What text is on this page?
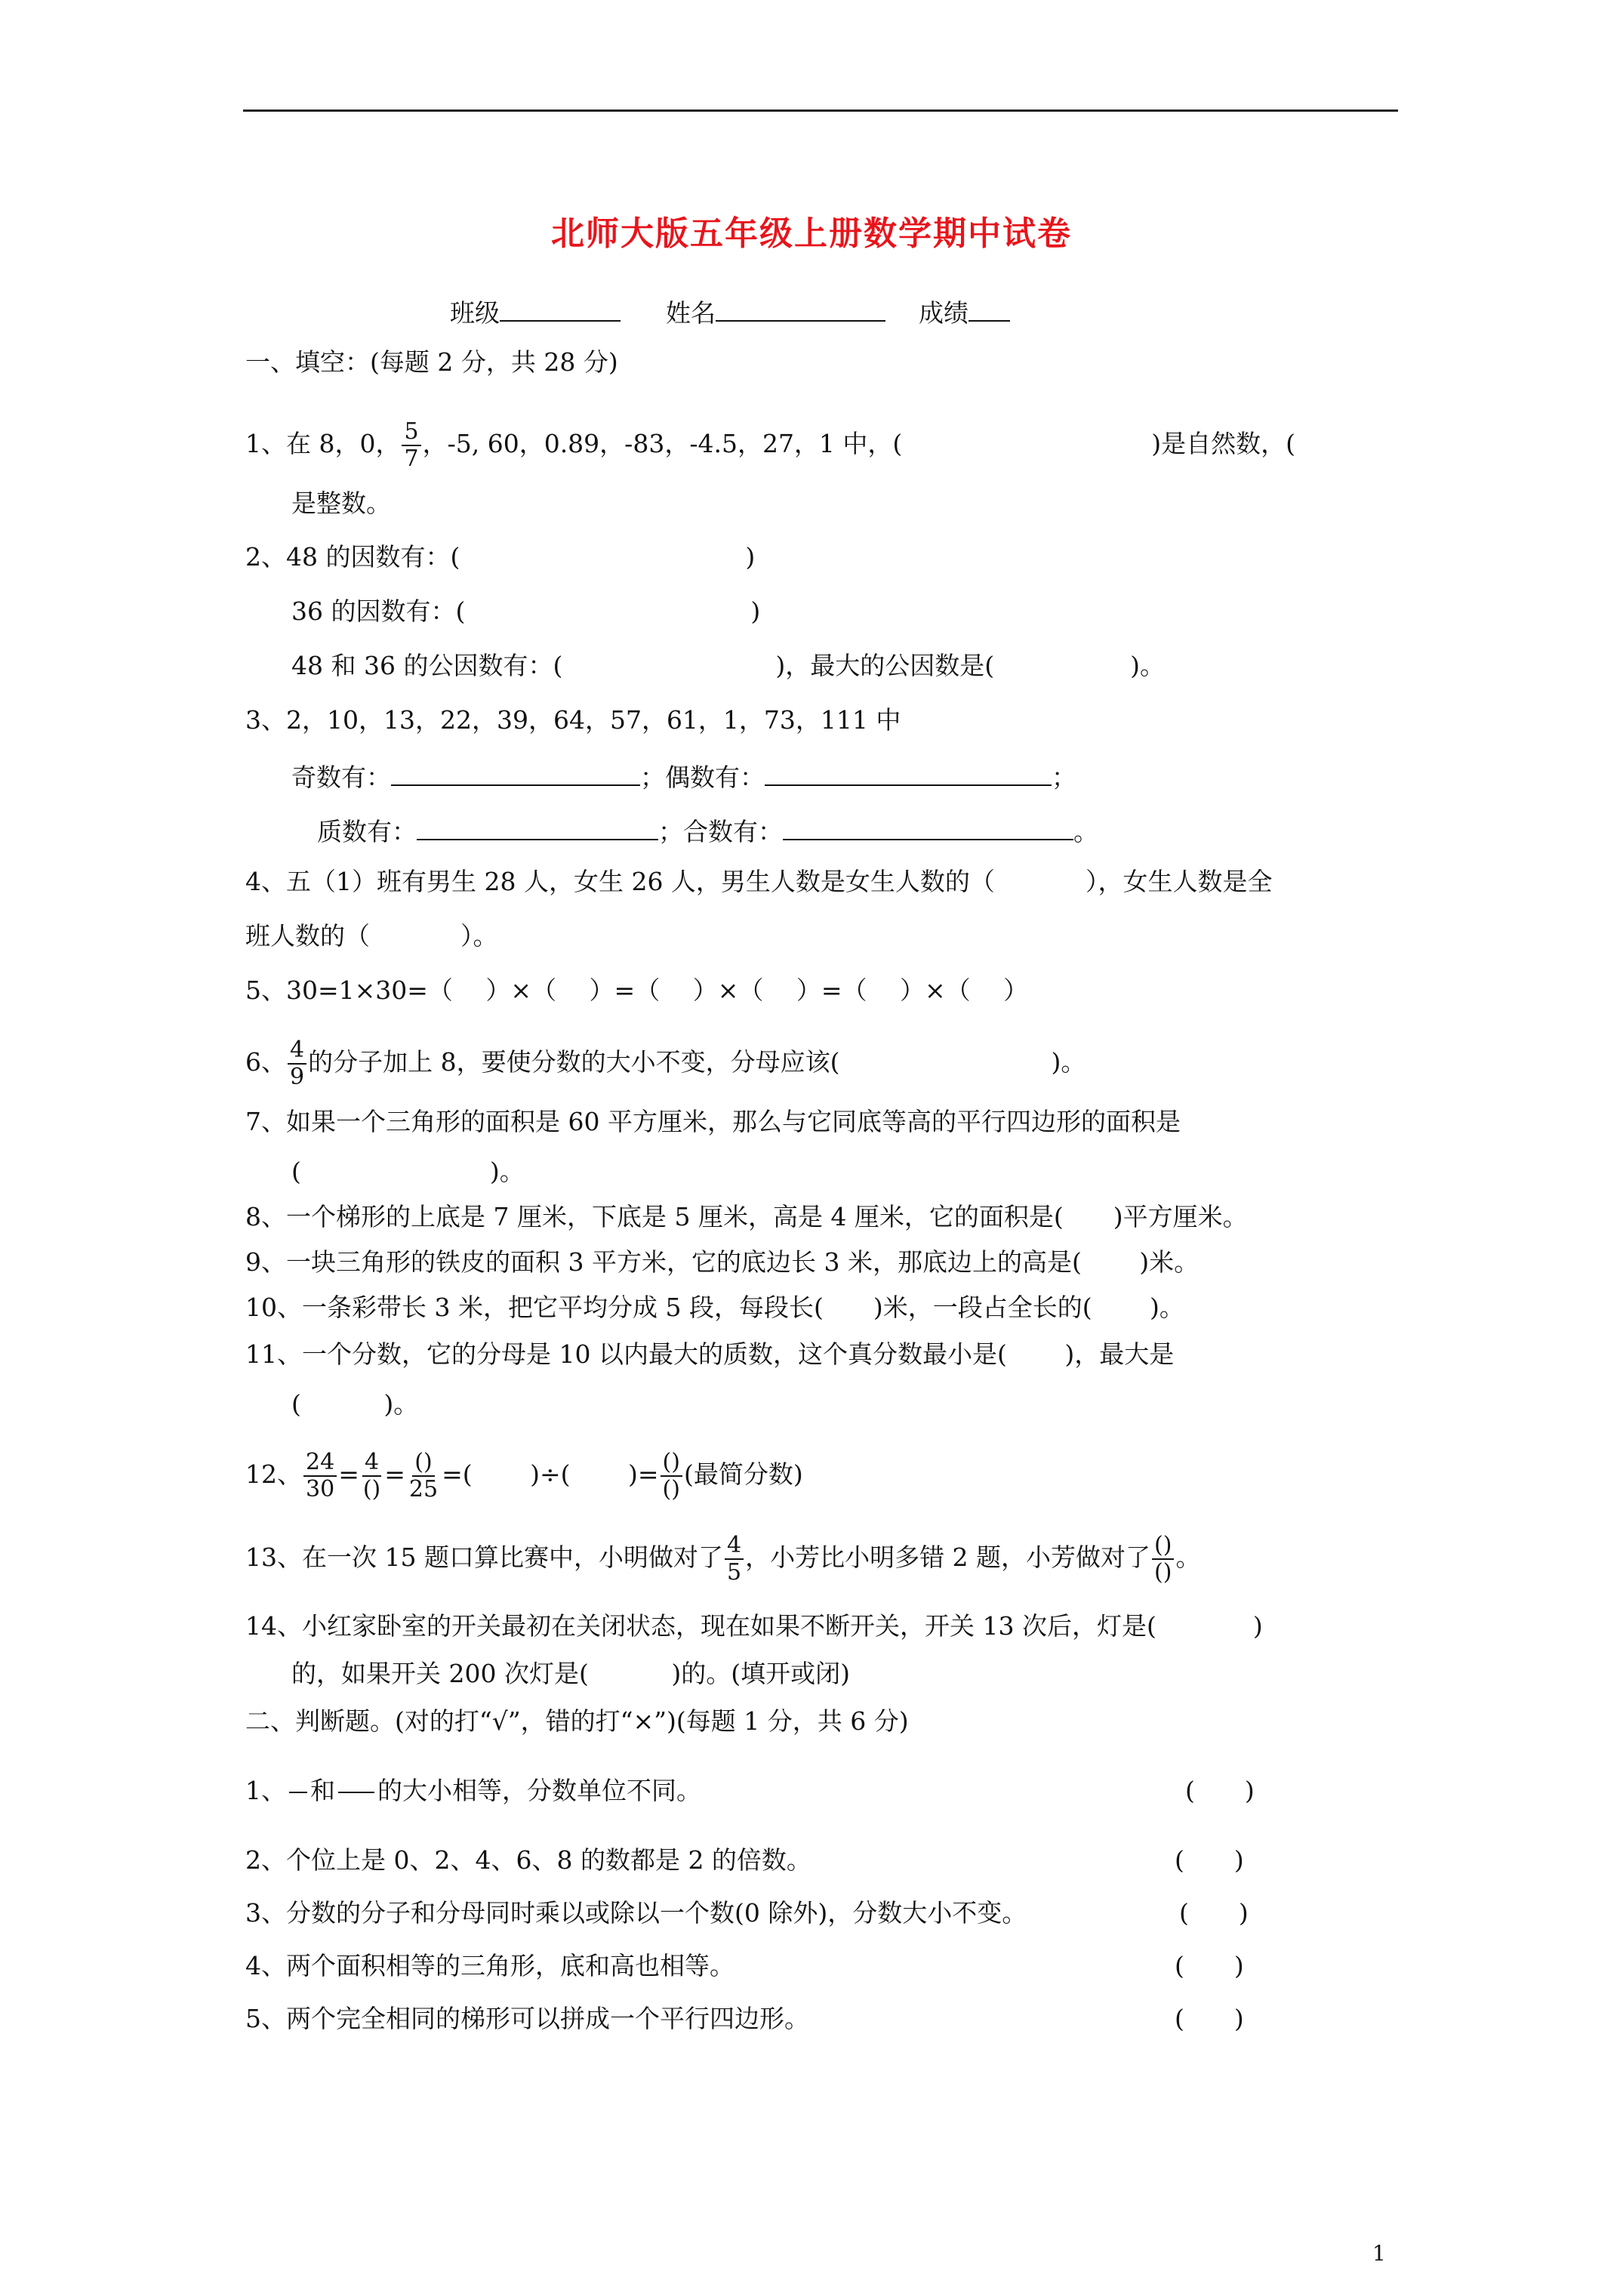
北师大版五年级上册数学期中试卷
班级	姓名	成绩
一、填空：(每题 2 分，共 28 分)
1、在 8，0， $\frac{5}{7}$ ，-5, 60，0.89，-83，-4.5，27，1 中，(	)是自然数，(
是整数。
2、48 的因数有：(	)
36 的因数有：(	)
48 和 36 的公因数有：(	)，最大的公因数是(	)。
3、2，10，13，22，39，64，57，61，1，73，111 中
奇数有：	；偶数有：	；
质数有：	；合数有：	。
4、五（1）班有男生 28 人，女生 26 人，男生人数是女生人数的（	），女生人数是全
班人数的（	）。
5、30=1×30=（　 ）×（　 ）=（　 ）×（　 ）=（　 ）×（　 ）
6、 $\frac{4}{9}$ 的分子加上 8，要使分数的大小不变，分母应该(	)。
7、如果一个三角形的面积是 60 平方厘米，那么与它同底等高的平行四边形的面积是
(	)。
8、一个梯形的上底是 7 厘米，下底是 5 厘米，高是 4 厘米，它的面积是(　　)平方厘米。
9、一块三角形的铁皮的面积 3 平方米，它的底边长 3 米，那底边上的高是(　　 )米。
10、一条彩带长 3 米，把它平均分成 5 段，每段长(　　)米，一段占全长的(　　 )。
11、一个分数，它的分母是 10 以内最大的质数，这个真分数最小是(　　 )，最大是
(　　　 )。
12、 $\frac{24}{30} = 4$
()
= ()
25
=(　　 )÷(　　 )= ()
()
(最简分数)
13、在一次 15 题口算比赛中，小明做对了 $\frac{4}{5}$ ，小芳比小明多错 2 题，小芳做对了 ()
()
。
14、小红家卧室的开关最初在关闭状态，现在如果不断开关，开关 13 次后，灯是(	)
的，如果开关 200 次灯是(　　　 )的。(填开或闭)
二、判断题。(对的打“√”，错的打“×”)(每题 1 分，共 6 分)
1、 和 的大小相等，分数单位不同。	(　　)
2、个位上是 0、2、4、6、8 的数都是 2 的倍数。	(　　)
3、分数的分子和分母同时乘以或除以一个数(0 除外)，分数大小不变。	(　　)
4、两个面积相等的三角形，底和高也相等。	(　　)
5、两个完全相同的梯形可以拼成一个平行四边形。	(　　)
1
